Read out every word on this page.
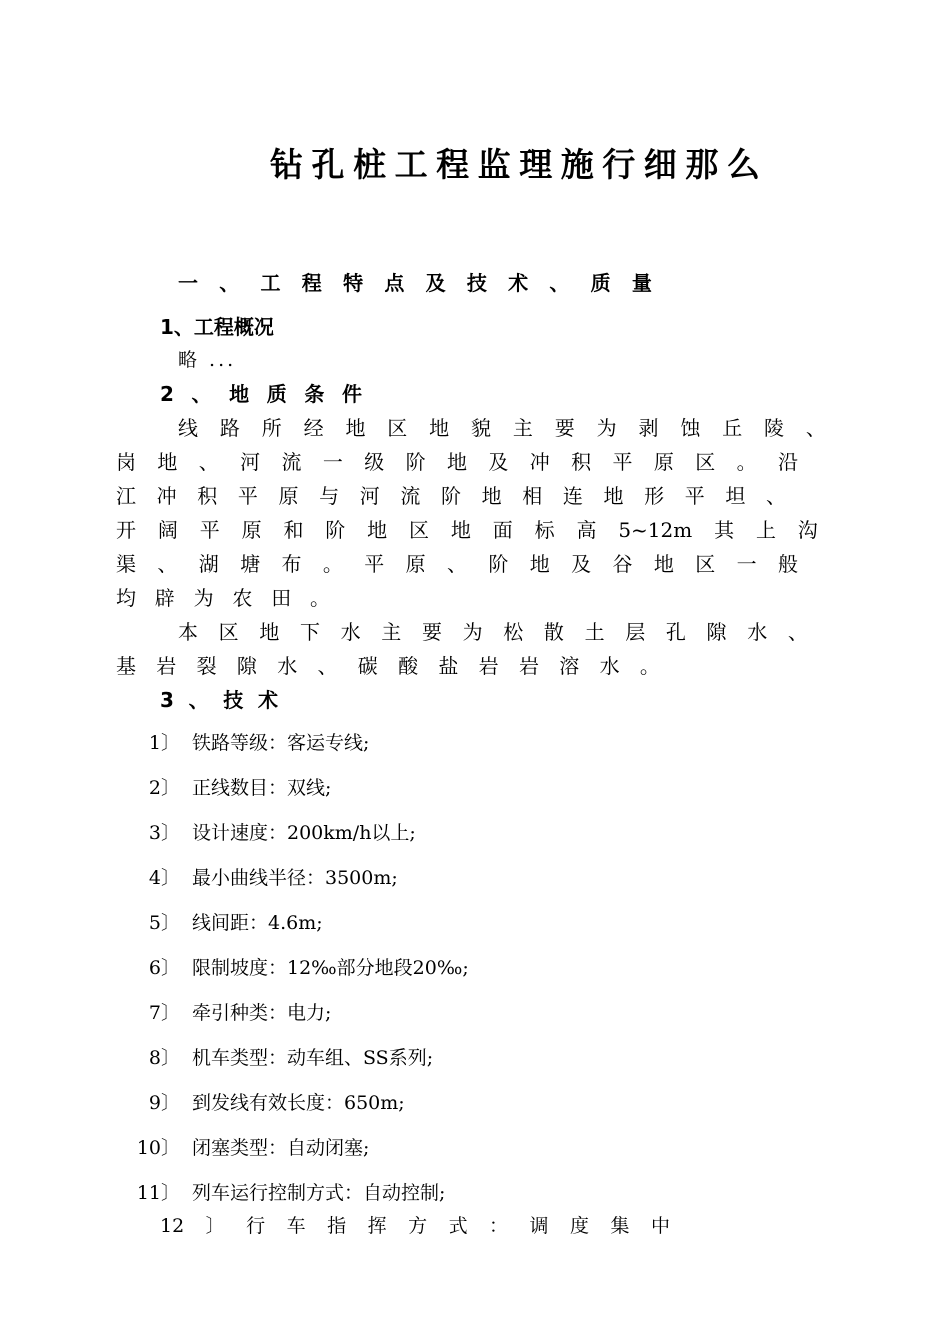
钻 孔 桩 工 程 监 理 施 行 细 那 么
一 、 工 程 特 点 及 技 术 、 质 量
1、工程概况
略 ...
2 、 地 质 条 件
线 路 所 经 地 区 地 貌 主 要 为 剥 蚀 丘 陵 、
岗 地 、 河 流 一 级 阶 地 及 冲 积 平 原 区 。 沿
江 冲 积 平 原 与 河 流 阶 地 相 连 地 形 平 坦 、
开 阔 平 原 和 阶 地 区 地 面 标 高 5~12m 其 上 沟
渠 、 湖 塘 布 。 平 原 、 阶 地 及 谷 地 区 一 般
均 辟 为 农 田 。
本 区 地 下 水 主 要 为 松 散 土 层 孔 隙 水 、
基 岩 裂 隙 水 、 碳 酸 盐 岩 岩 溶 水 。
3 、 技 术
1〕 铁路等级：客运专线;
2〕 正线数目：双线;
3〕 设计速度：200km/h以上;
4〕 最小曲线半径：3500m;
5〕 线间距：4.6m;
6〕 限制坡度：12‰部分地段20‰;
7〕 牵引种类：电力;
8〕 机车类型：动车组、SS系列;
9〕 到发线有效长度：650m;
10〕 闭塞类型：自动闭塞;
11〕 列车运行控制方式：自动控制;
12 〕 行 车 指 挥 方 式 ： 调 度 集 中
